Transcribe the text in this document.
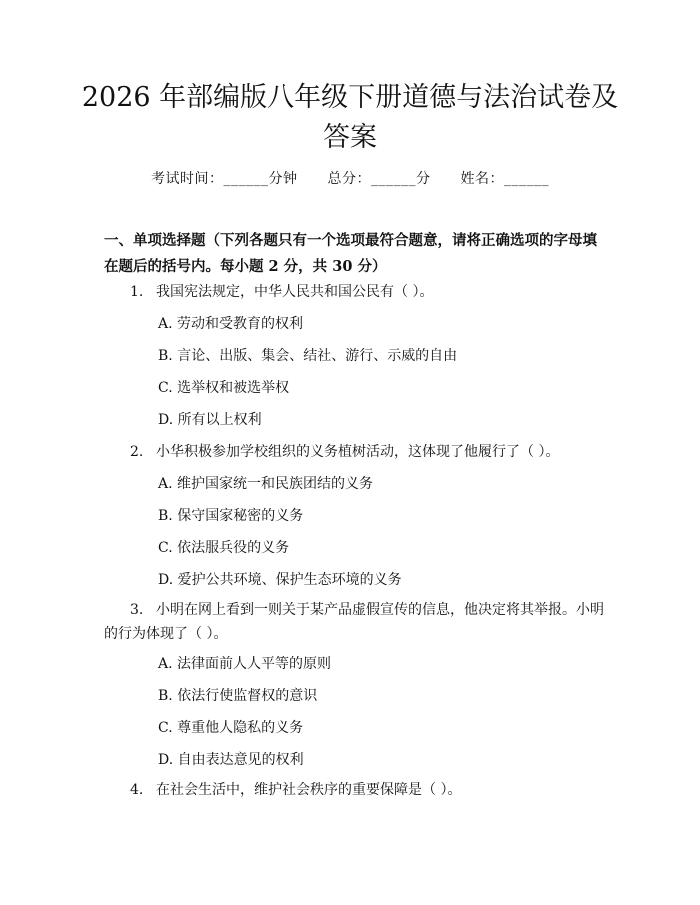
2026 年部编版八年级下册道德与法治试卷及答案
考试时间：______分钟 总分：______分 姓名：______
一、单项选择题（下列各题只有一个选项最符合题意，请将正确选项的字母填在题后的括号内。每小题 2 分，共 30 分）
1. 我国宪法规定，中华人民共和国公民有（ ）。
A. 劳动和受教育的权利
B. 言论、出版、集会、结社、游行、示威的自由
C. 选举权和被选举权
D. 所有以上权利
2. 小华积极参加学校组织的义务植树活动，这体现了他履行了（ ）。
A. 维护国家统一和民族团结的义务
B. 保守国家秘密的义务
C. 依法服兵役的义务
D. 爱护公共环境、保护生态环境的义务
3. 小明在网上看到一则关于某产品虚假宣传的信息，他决定将其举报。小明的行为体现了（ ）。
A. 法律面前人人平等的原则
B. 依法行使监督权的意识
C. 尊重他人隐私的义务
D. 自由表达意见的权利
4. 在社会生活中，维护社会秩序的重要保障是（ ）。
